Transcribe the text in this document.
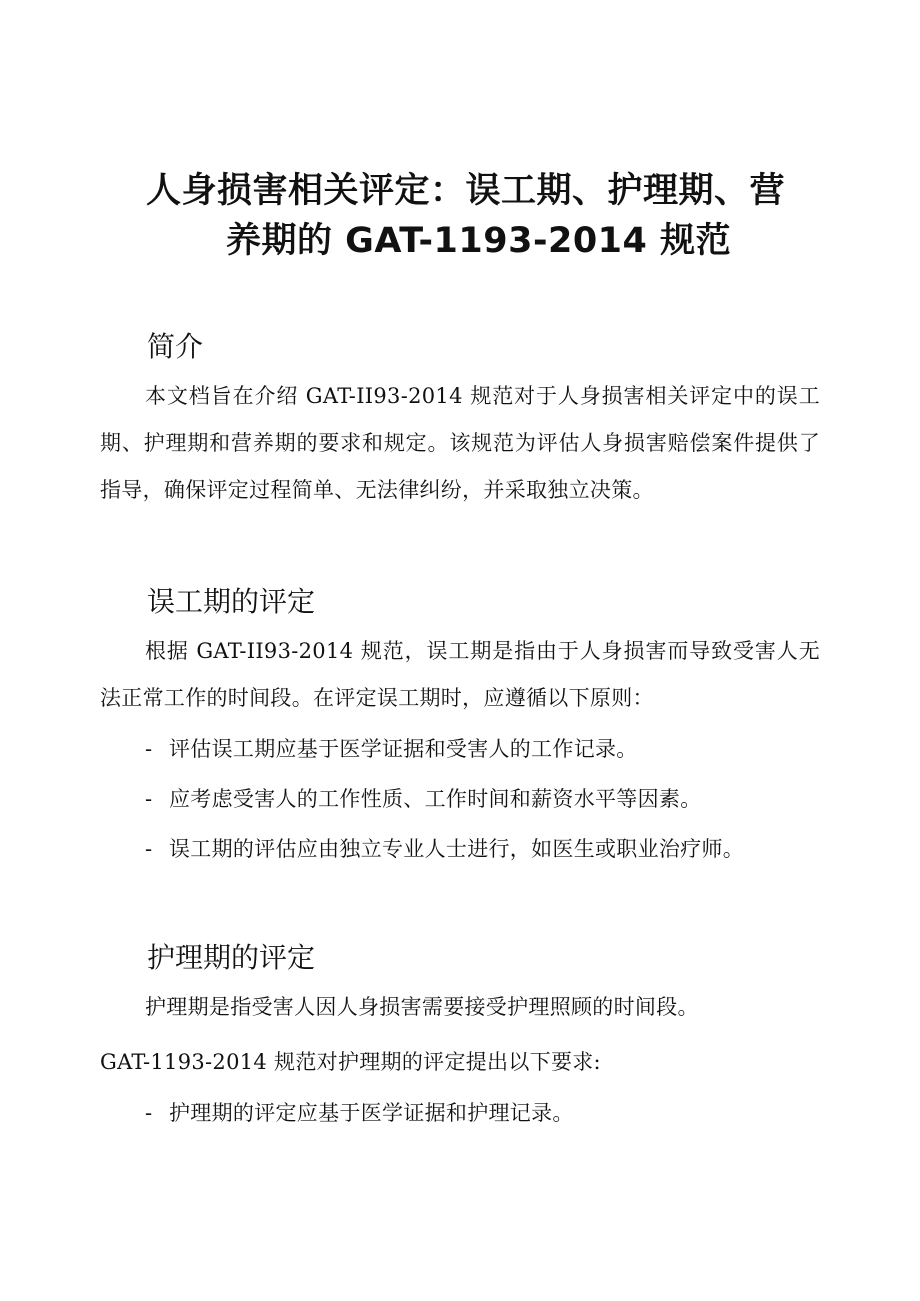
人身损害相关评定：误工期、护理期、营
养期的 GAT-1193-2014 规范
简介

本文档旨在介绍 GAT-II93-2014 规范对于人身损害相关评定中的误工期、护理期和营养期的要求和规定。该规范为评估人身损害赔偿案件提供了指导，确保评定过程简单、无法律纠纷，并采取独立决策。

误工期的评定

根据 GAT-II93-2014 规范，误工期是指由于人身损害而导致受害人无法正常工作的时间段。在评定误工期时，应遵循以下原则：

- 评估误工期应基于医学证据和受害人的工作记录。

- 应考虑受害人的工作性质、工作时间和薪资水平等因素。

- 误工期的评估应由独立专业人士进行，如医生或职业治疗师。

护理期的评定

护理期是指受害人因人身损害需要接受护理照顾的时间段。

GAT-1193-2014 规范对护理期的评定提出以下要求:

- 护理期的评定应基于医学证据和护理记录。
